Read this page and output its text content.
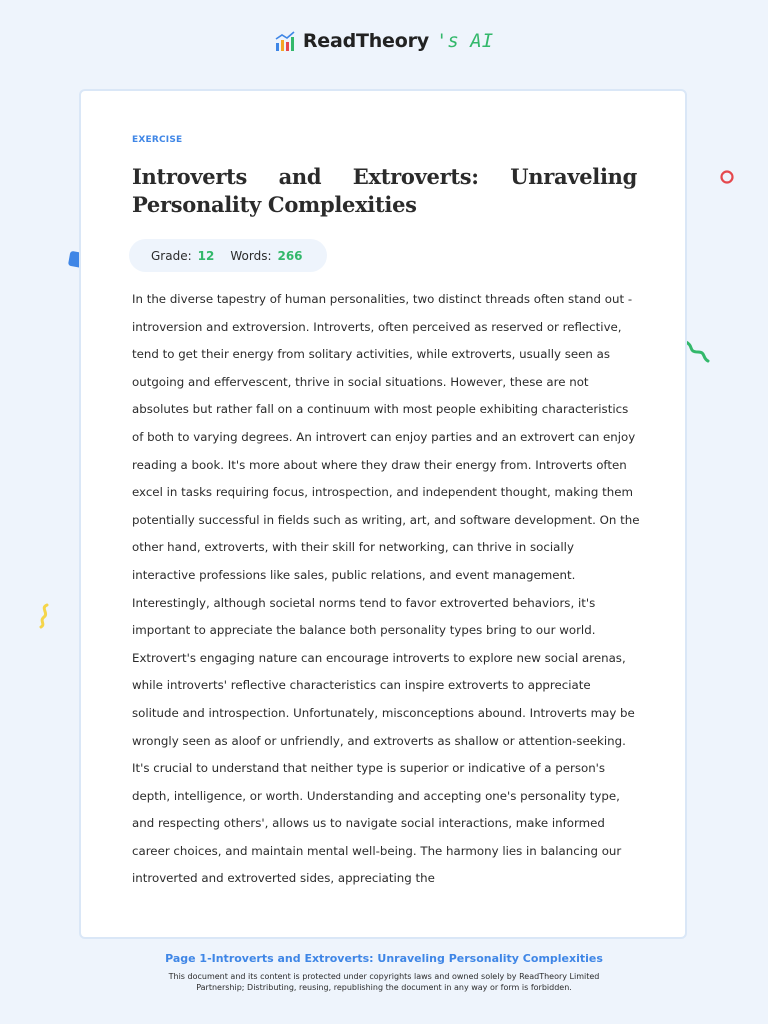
ReadTheory 's AI
EXERCISE
Introverts and Extroverts: Unraveling Personality Complexities
Grade: 12 Words: 266

In the diverse tapestry of human personalities, two distinct threads often stand out - introversion and extroversion. Introverts, often perceived as reserved or reflective, tend to get their energy from solitary activities, while extroverts, usually seen as outgoing and effervescent, thrive in social situations. However, these are not absolutes but rather fall on a continuum with most people exhibiting characteristics of both to varying degrees. An introvert can enjoy parties and an extrovert can enjoy reading a book. It's more about where they draw their energy from. Introverts often excel in tasks requiring focus, introspection, and independent thought, making them potentially successful in fields such as writing, art, and software development. On the other hand, extroverts, with their skill for networking, can thrive in socially interactive professions like sales, public relations, and event management. Interestingly, although societal norms tend to favor extroverted behaviors, it's important to appreciate the balance both personality types bring to our world. Extrovert's engaging nature can encourage introverts to explore new social arenas, while introverts' reflective characteristics can inspire extroverts to appreciate solitude and introspection. Unfortunately, misconceptions abound. Introverts may be wrongly seen as aloof or unfriendly, and extroverts as shallow or attention-seeking. It's crucial to understand that neither type is superior or indicative of a person's depth, intelligence, or worth. Understanding and accepting one's personality type, and respecting others', allows us to navigate social interactions, make informed career choices, and maintain mental well-being. The harmony lies in balancing our introverted and extroverted sides, appreciating the

Page 1-Introverts and Extroverts: Unraveling Personality Complexities
This document and its content is protected under copyrights laws and owned solely by ReadTheory Limited Partnership; Distributing, reusing, republishing the document in any way or form is forbidden.
